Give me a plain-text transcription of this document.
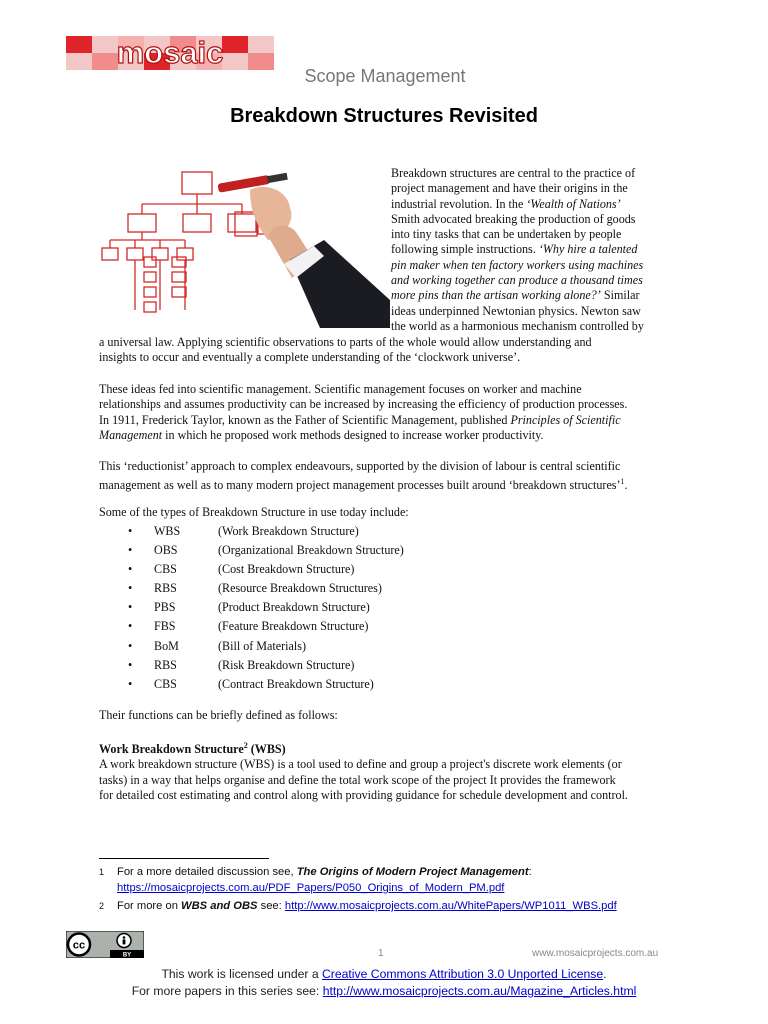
mosaic
Scope Management
Breakdown Structures Revisited
Breakdown structures are central to the practice of
project management and have their origins in the
industrial revolution. In the ‘Wealth of Nations’
Smith advocated breaking the production of goods
into tiny tasks that can be undertaken by people
following simple instructions. ‘Why hire a talented
pin maker when ten factory workers using machines
and working together can produce a thousand times
more pins than the artisan working alone?’ Similar
ideas underpinned Newtonian physics. Newton saw
the world as a harmonious mechanism controlled by
a universal law. Applying scientific observations to parts of the whole would allow understanding and
insights to occur and eventually a complete understanding of the ‘clockwork universe’.
These ideas fed into scientific management. Scientific management focuses on worker and machine
relationships and assumes productivity can be increased by increasing the efficiency of production processes.
In 1911, Frederick Taylor, known as the Father of Scientific Management, published Principles of Scientific
Management in which he proposed work methods designed to increase worker productivity.
This ‘reductionist’ approach to complex endeavours, supported by the division of labour is central scientific
management as well as to many modern project management processes built around ‘breakdown structures’$^1$.
Some of the types of Breakdown Structure in use today include:
•	WBS	(Work Breakdown Structure)
•	OBS	(Organizational Breakdown Structure)
•	CBS	(Cost Breakdown Structure)
•	RBS	(Resource Breakdown Structures)
•	PBS	(Product Breakdown Structure)
•	FBS	(Feature Breakdown Structure)
•	BoM	(Bill of Materials)
•	RBS	(Risk Breakdown Structure)
•	CBS	(Contract Breakdown Structure)
Their functions can be briefly defined as follows:
Work Breakdown Structure$^2$ (WBS)
A work breakdown structure (WBS) is a tool used to define and group a project's discrete work elements (or
tasks) in a way that helps organise and define the total work scope of the project It provides the framework
for detailed cost estimating and control along with providing guidance for schedule development and control.
1 For a more detailed discussion see, The Origins of Modern Project Management:
https://mosaicprojects.com.au/PDF_Papers/P050_Origins_of_Modern_PM.pdf
2 For more on WBS and OBS see: http://www.mosaicprojects.com.au/WhitePapers/WP1011_WBS.pdf
cc
BY	1	www.mosaicprojects.com.au
This work is licensed under a Creative Commons Attribution 3.0 Unported License.
For more papers in this series see: http://www.mosaicprojects.com.au/Magazine_Articles.html
